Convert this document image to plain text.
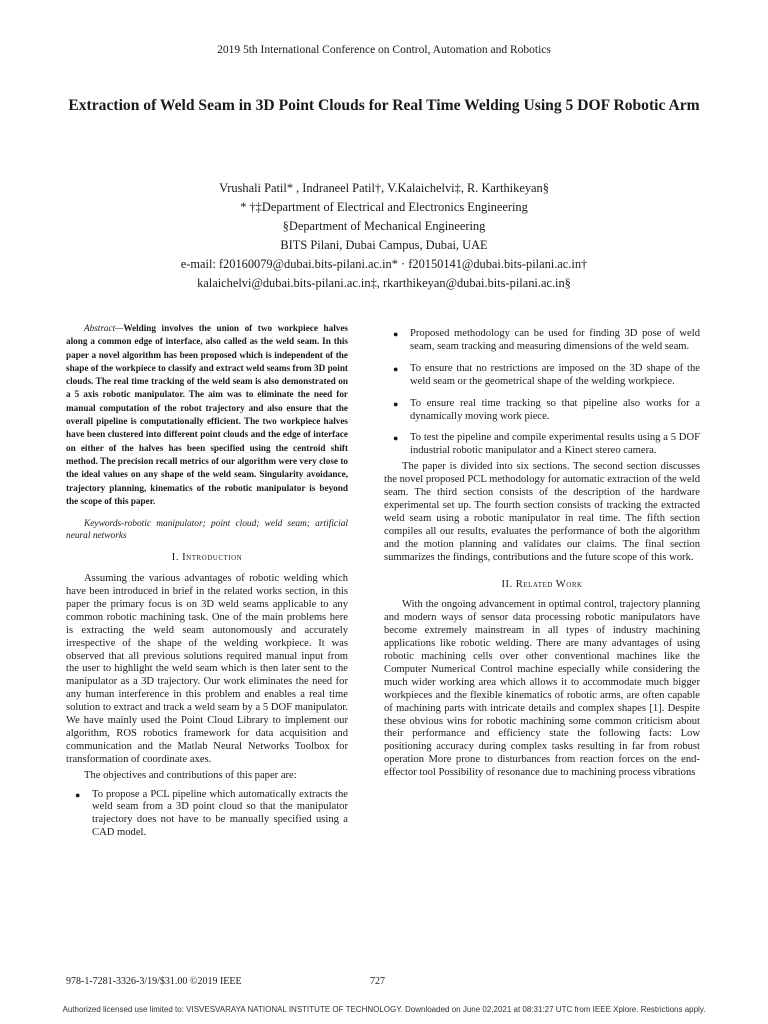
2019 5th International Conference on Control, Automation and Robotics
Extraction of Weld Seam in 3D Point Clouds for Real Time Welding Using 5 DOF Robotic Arm
Vrushali Patil* , Indraneel Patil†, V.Kalaichelvi‡, R. Karthikeyan§
* †‡Department of Electrical and Electronics Engineering
§Department of Mechanical Engineering
BITS Pilani, Dubai Campus, Dubai, UAE
e-mail: f20160079@dubai.bits-pilani.ac.in* · f20150141@dubai.bits-pilani.ac.in†
kalaichelvi@dubai.bits-pilani.ac.in‡, rkarthikeyan@dubai.bits-pilani.ac.in§

Abstract—Welding involves the union of two workpiece halves along a common edge of interface, also called as the weld seam. In this paper a novel algorithm has been proposed which is independent of the shape of the workpiece to classify and extract weld seams from 3D point clouds. The real time tracking of the weld seam is also demonstrated on a 5 axis robotic manipulator. The aim was to eliminate the need for manual computation of the robot trajectory and also ensure that the overall pipeline is computationally efficient. The two workpiece halves have been clustered into different point clouds and the edge of interface on either of the halves has been specified using the centroid shift method. The precision recall metrics of our algorithm were very close to the ideal values on any shape of the weld seam. Singularity avoidance, trajectory planning, kinematics of the robotic manipulator is beyond the scope of this paper.

Keywords-robotic manipulator; point cloud; weld seam; artificial neural networks

I. Introduction

Assuming the various advantages of robotic welding which have been introduced in brief in the related works section, in this paper the primary focus is on 3D weld seams applicable to any common robotic machining task. One of the main problems here is extracting the weld seam autonomously and accurately irrespective of the shape of the welding workpiece. It was observed that all previous solutions required manual input from the user to highlight the weld seam which is then later sent to the manipulator as a 3D trajectory. Our work eliminates the need for any human interference in this problem and enables a real time solution to extract and track a weld seam by a 5 DOF manipulator. We have mainly used the Point Cloud Library to implement our algorithm, ROS robotics framework for data acquisition and communication and the Matlab Neural Networks Toolbox for transformation of coordinate axes.

The objectives and contributions of this paper are:

● To propose a PCL pipeline which automatically extracts the weld seam from a 3D point cloud so that the manipulator trajectory does not have to be manually specified using a CAD model.
● Proposed methodology can be used for finding 3D pose of weld seam, seam tracking and measuring dimensions of the weld seam.
● To ensure that no restrictions are imposed on the 3D shape of the weld seam or the geometrical shape of the welding workpiece.
● To ensure real time tracking so that pipeline also works for a dynamically moving work piece.
● To test the pipeline and compile experimental results using a 5 DOF industrial robotic manipulator and a Kinect stereo camera.

The paper is divided into six sections. The second section discusses the novel proposed PCL methodology for automatic extraction of the weld seam. The third section consists of the description of the hardware experimental set up. The fourth section consists of tracking the extracted weld seam using a robotic manipulator in real time. The fifth section compiles all our results, evaluates the performance of both the algorithm and the motion planning and validates our claims. The final section summarizes the findings, contributions and the future scope of this work.

II. Related Work

With the ongoing advancement in optimal control, trajectory planning and modern ways of sensor data processing robotic manipulators have become extremely mainstream in all types of industry machining applications like robotic welding. There are many advantages of using robotic machining cells over other conventional machines like the Computer Numerical Control machine especially while considering the much wider working area which allows it to accommodate much bigger workpieces and the flexible kinematics of robotic arms, are often capable of machining parts with intricate details and complex shapes [1]. Despite these obvious wins for robotic machining some common criticism about their performance and efficiency state the following facts: Low positioning accuracy during complex tasks resulting in far from robust operation More prone to disturbances from reaction forces on the end-effector tool Possibility of resonance due to machining process vibrations

978-1-7281-3326-3/19/$31.00 ©2019 IEEE	727
Authorized licensed use limited to: VISVESVARAYA NATIONAL INSTITUTE OF TECHNOLOGY. Downloaded on June 02,2021 at 08:31:27 UTC from IEEE Xplore. Restrictions apply.
